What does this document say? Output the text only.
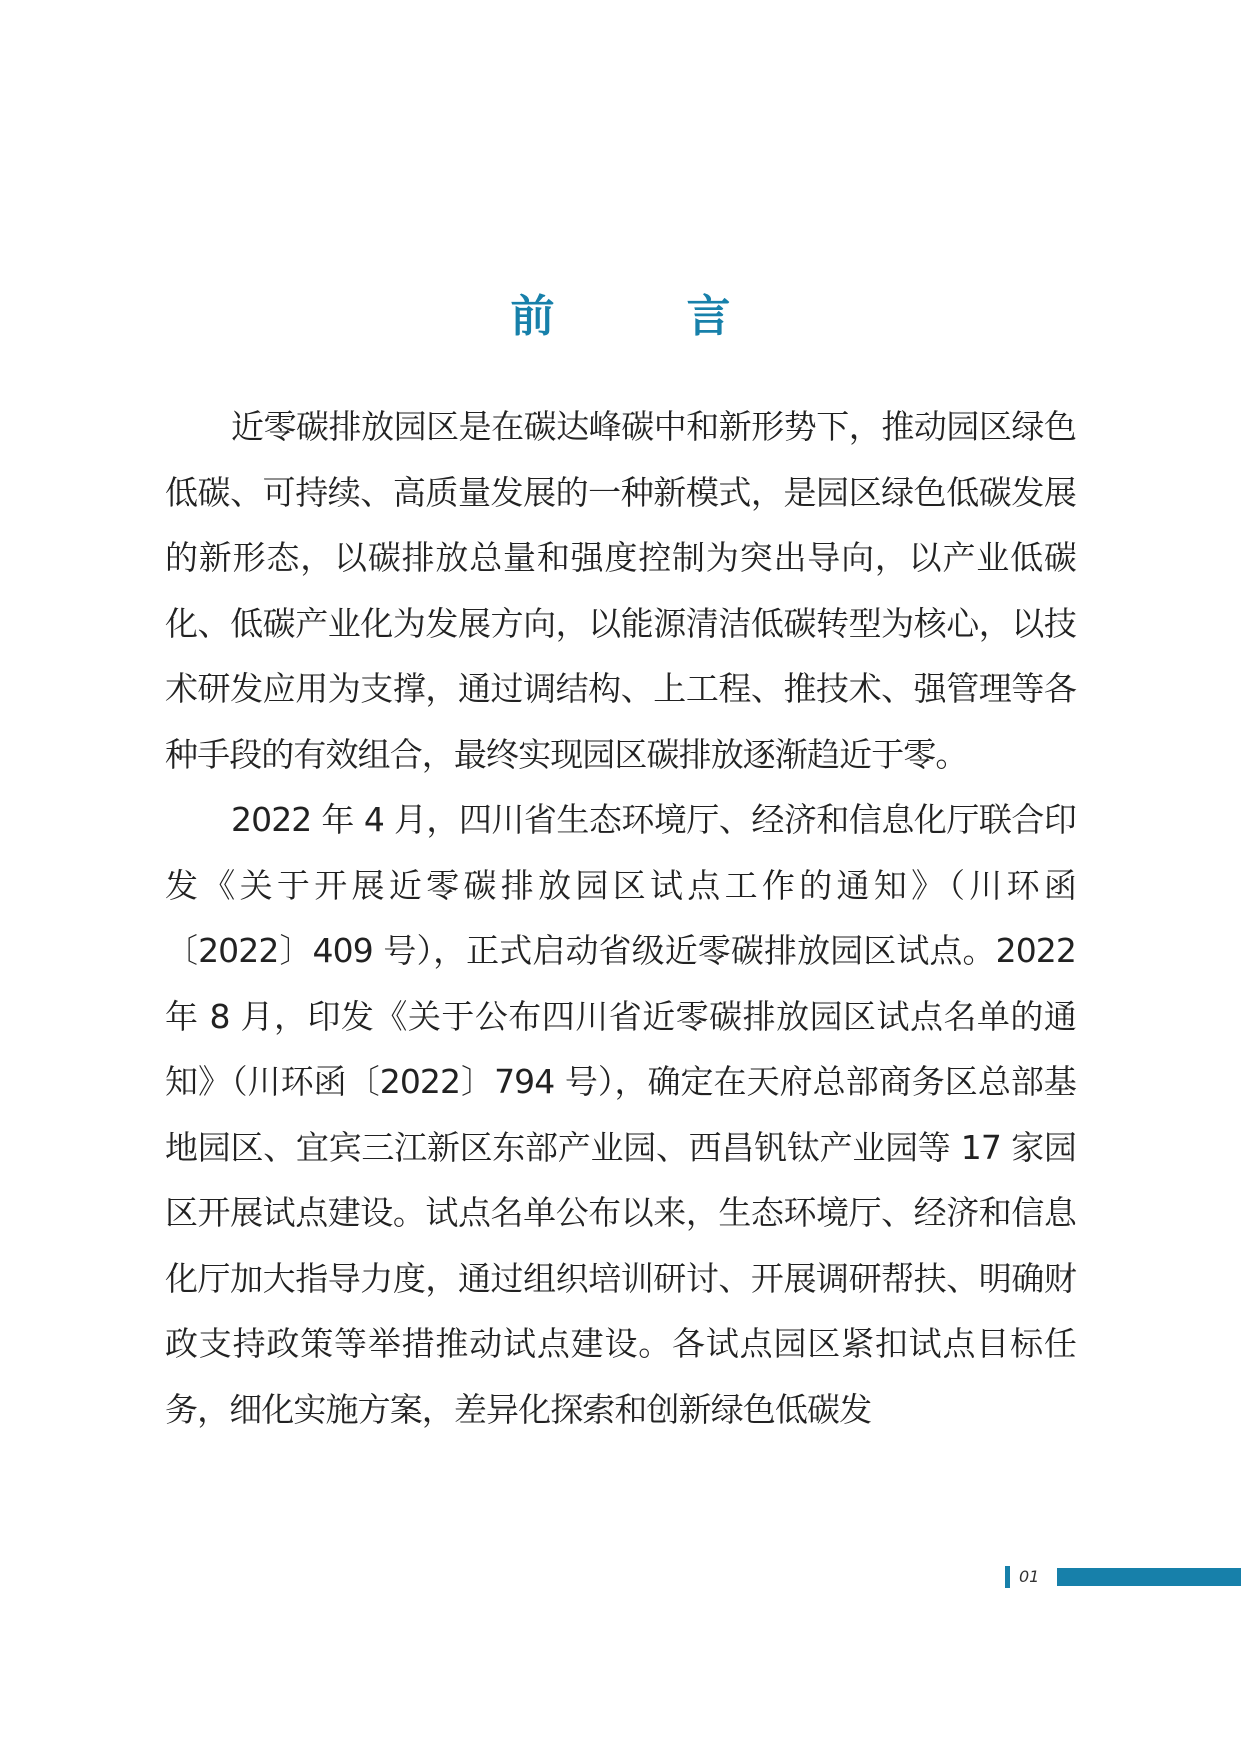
前　言

近零碳排放园区是在碳达峰碳中和新形势下，推动园区绿色低碳、可持续、高质量发展的一种新模式，是园区绿色低碳发展的新形态，以碳排放总量和强度控制为突出导向，以产业低碳化、低碳产业化为发展方向，以能源清洁低碳转型为核心，以技术研发应用为支撑，通过调结构、上工程、推技术、强管理等各种手段的有效组合，最终实现园区碳排放逐渐趋近于零。

2022 年 4 月，四川省生态环境厅、经济和信息化厅联合印发《关于开展近零碳排放园区试点工作的通知》（川环函〔2022〕409 号），正式启动省级近零碳排放园区试点。2022 年 8 月，印发《关于公布四川省近零碳排放园区试点名单的通知》（川环函〔2022〕794 号），确定在天府总部商务区总部基地园区、宜宾三江新区东部产业园、西昌钒钛产业园等 17 家园区开展试点建设。试点名单公布以来，生态环境厅、经济和信息化厅加大指导力度，通过组织培训研讨、开展调研帮扶、明确财政支持政策等举措推动试点建设。各试点园区紧扣试点目标任务，细化实施方案，差异化探索和创新绿色低碳发

01
